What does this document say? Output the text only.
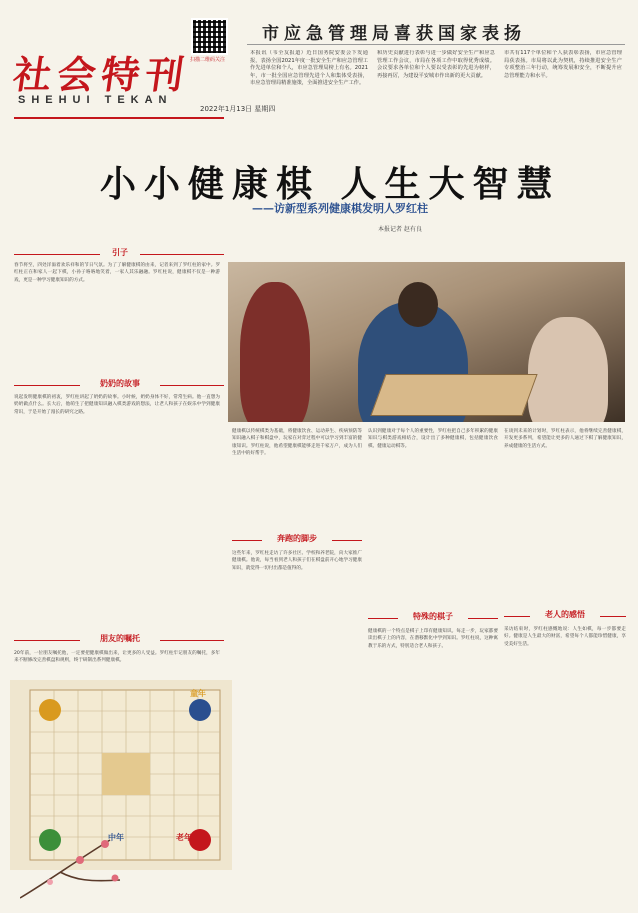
扫描二维码关注
社会特刊
SHEHUI TEKAN
2022年1月13日 星期四
市应急管理局喜获国家表扬
本报讯（韦全友报道）近日国务院安委会下发通报，表扬全国2021年度一批安全生产和应急管理工作先进单位和个人，市应急管理局榜上有名。2021年，市一批全国应急管理先进个人和集体受表扬，市应急管理局精准施策，全面推进安全生产工作。
和历史贡献进行表彰与进一步做好安全生产和应急管理工作会议，市局在各项工作中取得优秀成绩。会议要求各单位和个人要以受表彰的先进为榜样，再接再厉，为建设平安城市作出新的更大贡献。
市共有117个单位和个人获表彰表扬，市应急管理局获表扬。市局将以此为契机，持续推进安全生产专项整治三年行动，统筹发展和安全，不断提升应急管理能力和水平。
小小健康棋 人生大智慧
——访新型系列健康棋发明人罗红柱
本报记者 赵有良
引子
春节将至，四处洋溢着欢乐祥和的节日气氛。为了了解健康棋的由来，记者来到了罗红柱的家中。罗红柱正在和家人一起下棋，小孙子咯咯地笑着，一家人其乐融融。罗红柱说，健康棋不仅是一种游戏，更是一种学习健康知识的方式。
奶奶的故事
说起发明健康棋的初衷，罗红柱讲起了奶奶的故事。小时候，奶奶身体不好，常常生病。他一直想为奶奶做点什么。长大后，他萌生了把健康知识融入棋类游戏的想法，让老人和孩子在娱乐中学到健康常识，于是开始了漫长的研究之路。
朋友的嘱托
20年前，一位朋友嘱托他，一定要把健康棋做出来，让更多的人受益。罗红柱牢记朋友的嘱托，多年来不断修改完善棋盘和规则，终于研制出系列健康棋。
青年	中年	老年
童年
健康棋以传统棋类为基础，将健康饮食、运动养生、疾病预防等知识融入棋子和棋盘中，玩家在对弈过程中可以学习到丰富的健康知识。罗红柱说，他希望健康棋能够走进千家万户，成为人们生活中的好帮手。
奔跑的脚步
这些年来，罗红柱走访了许多社区、学校和养老院，向大家推广健康棋。他说，每当看到老人和孩子们在棋盘前开心地学习健康知识，就觉得一切付出都是值得的。
认识到健康对于每个人的重要性，罗红柱把自己多年积累的健康知识与棋类游戏相结合，设计出了多种健康棋，包括健康饮食棋、健康运动棋等。
特殊的棋子
健康棋的一个特点是棋子上印有健康知识。每走一步，玩家都要读出棋子上的内容，在潜移默化中学到知识。罗红柱说，这种寓教于乐的方式，特别适合老人和孩子。
在谈到未来的计划时，罗红柱表示，他将继续完善健康棋，开发更多系列，希望能让更多的人通过下棋了解健康知识，养成健康的生活方式。
老人的感悟
采访结束时，罗红柱感慨地说：人生如棋，每一步都要走好。健康是人生最大的财富，希望每个人都能珍惜健康，享受美好生活。
